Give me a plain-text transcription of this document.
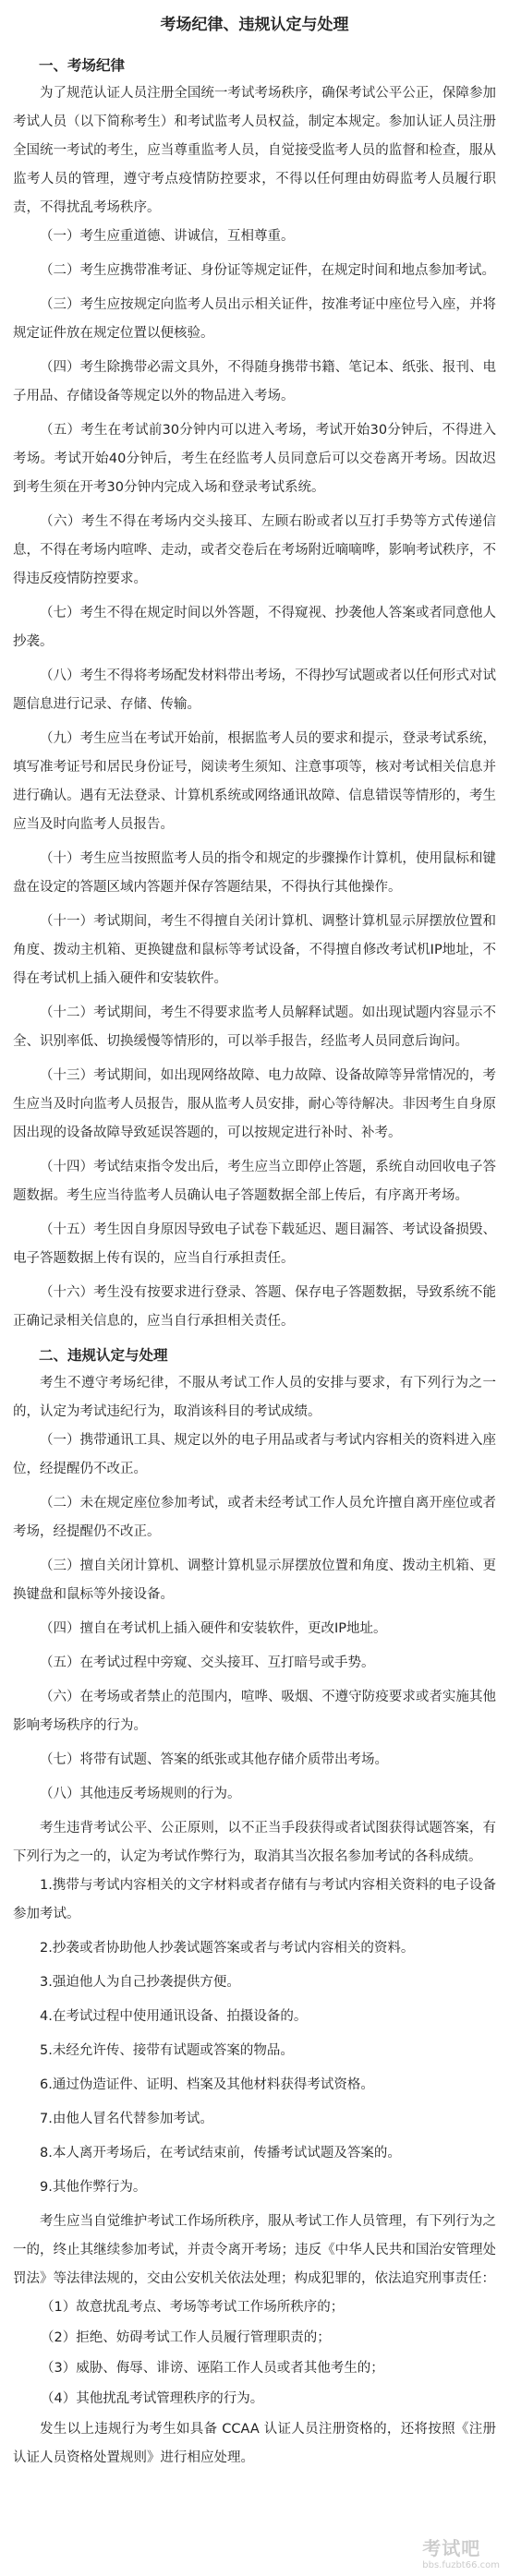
考场纪律、违规认定与处理
一、考场纪律

为了规范认证人员注册全国统一考试考场秩序，确保考试公平公正，保障参加考试人员（以下简称考生）和考试监考人员权益，制定本规定。参加认证人员注册全国统一考试的考生，应当尊重监考人员，自觉接受监考人员的监督和检查，服从监考人员的管理，遵守考点疫情防控要求，不得以任何理由妨碍监考人员履行职责，不得扰乱考场秩序。

（一）考生应重道德、讲诚信，互相尊重。

（二）考生应携带准考证、身份证等规定证件，在规定时间和地点参加考试。

（三）考生应按规定向监考人员出示相关证件，按准考证中座位号入座，并将规定证件放在规定位置以便核验。

（四）考生除携带必需文具外，不得随身携带书籍、笔记本、纸张、报刊、电子用品、存储设备等规定以外的物品进入考场。

（五）考生在考试前30分钟内可以进入考场，考试开始30分钟后，不得进入考场。考试开始40分钟后，考生在经监考人员同意后可以交卷离开考场。因故迟到考生须在开考30分钟内完成入场和登录考试系统。

（六）考生不得在考场内交头接耳、左顾右盼或者以互打手势等方式传递信息，不得在考场内喧哗、走动，或者交卷后在考场附近嘀嘀哗，影响考试秩序，不得违反疫情防控要求。

（七）考生不得在规定时间以外答题，不得窥视、抄袭他人答案或者同意他人抄袭。

（八）考生不得将考场配发材料带出考场，不得抄写试题或者以任何形式对试题信息进行记录、存储、传输。

（九）考生应当在考试开始前，根据监考人员的要求和提示，登录考试系统，填写准考证号和居民身份证号，阅读考生须知、注意事项等，核对考试相关信息并进行确认。遇有无法登录、计算机系统或网络通讯故障、信息错误等情形的，考生应当及时向监考人员报告。

（十）考生应当按照监考人员的指令和规定的步骤操作计算机，使用鼠标和键盘在设定的答题区域内答题并保存答题结果，不得执行其他操作。

（十一）考试期间，考生不得擅自关闭计算机、调整计算机显示屏摆放位置和角度、拨动主机箱、更换键盘和鼠标等考试设备，不得擅自修改考试机IP地址，不得在考试机上插入硬件和安装软件。

（十二）考试期间，考生不得要求监考人员解释试题。如出现试题内容显示不全、识别率低、切换缓慢等情形的，可以举手报告，经监考人员同意后询问。

（十三）考试期间，如出现网络故障、电力故障、设备故障等异常情况的，考生应当及时向监考人员报告，服从监考人员安排，耐心等待解决。非因考生自身原因出现的设备故障导致延误答题的，可以按规定进行补时、补考。

（十四）考试结束指令发出后，考生应当立即停止答题，系统自动回收电子答题数据。考生应当待监考人员确认电子答题数据全部上传后，有序离开考场。

（十五）考生因自身原因导致电子试卷下载延迟、题目漏答、考试设备损毁、电子答题数据上传有误的，应当自行承担责任。

（十六）考生没有按要求进行登录、答题、保存电子答题数据，导致系统不能正确记录相关信息的，应当自行承担相关责任。

二、违规认定与处理

考生不遵守考场纪律，不服从考试工作人员的安排与要求，有下列行为之一的，认定为考试违纪行为，取消该科目的考试成绩。

（一）携带通讯工具、规定以外的电子用品或者与考试内容相关的资料进入座位，经提醒仍不改正。

（二）未在规定座位参加考试，或者未经考试工作人员允许擅自离开座位或者考场，经提醒仍不改正。

（三）擅自关闭计算机、调整计算机显示屏摆放位置和角度、拨动主机箱、更换键盘和鼠标等外接设备。

（四）擅自在考试机上插入硬件和安装软件，更改IP地址。

（五）在考试过程中旁窥、交头接耳、互打暗号或手势。

（六）在考场或者禁止的范围内，喧哗、吸烟、不遵守防疫要求或者实施其他影响考场秩序的行为。

（七）将带有试题、答案的纸张或其他存储介质带出考场。

（八）其他违反考场规则的行为。

考生违背考试公平、公正原则，以不正当手段获得或者试图获得试题答案，有下列行为之一的，认定为考试作弊行为，取消其当次报名参加考试的各科成绩。

1.携带与考试内容相关的文字材料或者存储有与考试内容相关资料的电子设备参加考试。

2.抄袭或者协助他人抄袭试题答案或者与考试内容相关的资料。

3.强迫他人为自己抄袭提供方便。

4.在考试过程中使用通讯设备、拍摄设备的。

5.未经允许传、接带有试题或答案的物品。

6.通过伪造证件、证明、档案及其他材料获得考试资格。

7.由他人冒名代替参加考试。

8.本人离开考场后，在考试结束前，传播考试试题及答案的。

9.其他作弊行为。

考生应当自觉维护考试工作场所秩序，服从考试工作人员管理，有下列行为之一的，终止其继续参加考试，并责令离开考场；违反《中华人民共和国治安管理处罚法》等法律法规的，交由公安机关依法处理；构成犯罪的，依法追究刑事责任：

（1）故意扰乱考点、考场等考试工作场所秩序的；

（2）拒绝、妨碍考试工作人员履行管理职责的；

（3）威胁、侮辱、诽谤、诬陷工作人员或者其他考生的；

（4）其他扰乱考试管理秩序的行为。

发生以上违规行为考生如具备 CCAA 认证人员注册资格的，还将按照《注册认证人员资格处置规则》进行相应处理。

考试吧
bbs.fuzbt66.com
